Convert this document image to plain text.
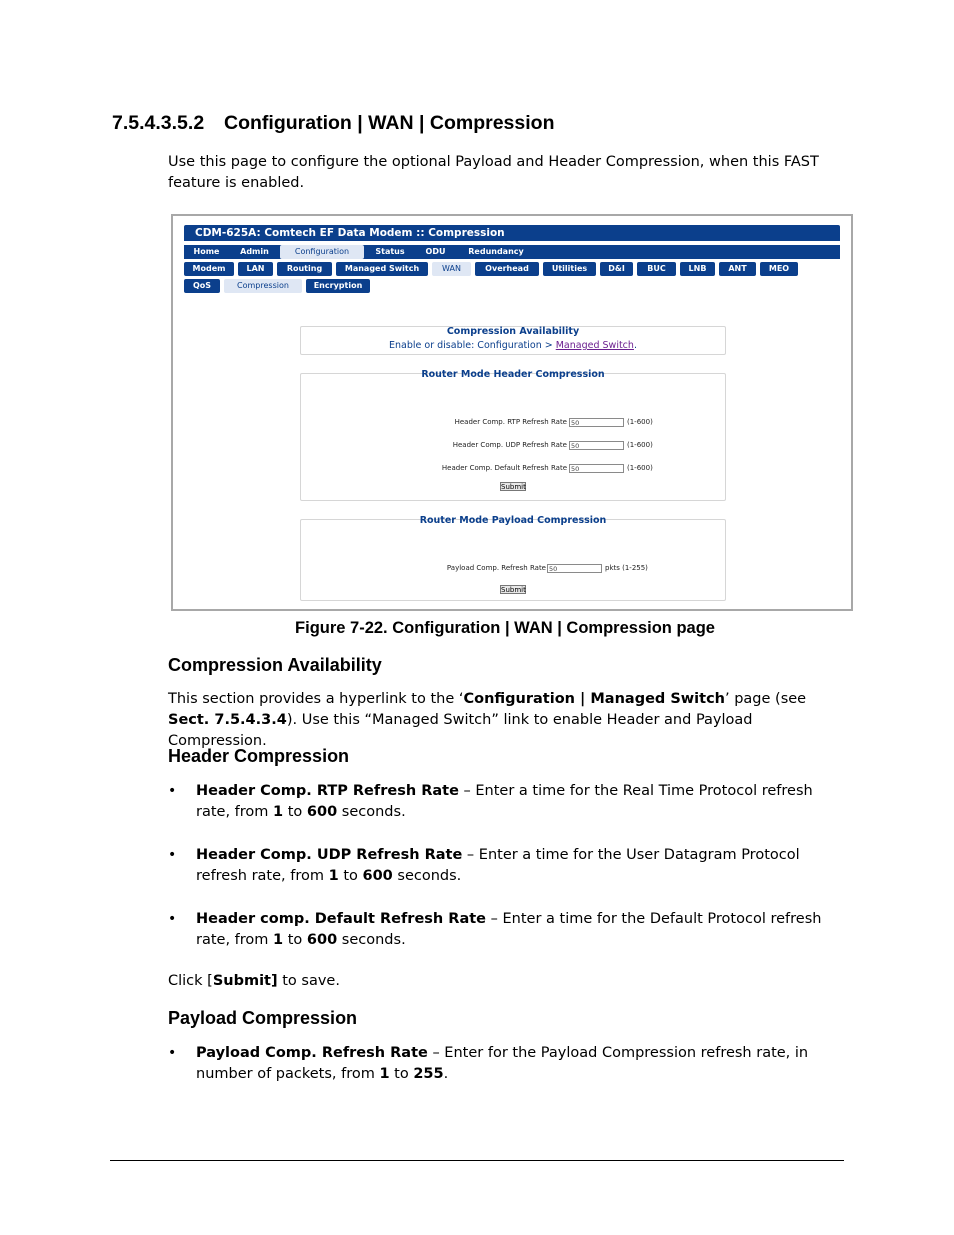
7.5.4.3.5.2 Configuration | WAN | Compression
Use this page to configure the optional Payload and Header Compression, when this FAST feature is enabled.
CDM-625A: Comtech EF Data Modem :: Compression
Home	Admin	Configuration	Status	ODU	Redundancy
Modem	LAN	Routing	Managed Switch	WAN	Overhead	Utilities	D&I	BUC	LNB	ANT	MEO
QoS	Compression	Encryption
Compression Availability
Enable or disable: Configuration > Managed Switch.
Router Mode Header Compression
Header Comp. RTP Refresh Rate 50	(1-600)
Header Comp. UDP Refresh Rate 50	(1-600)
Header Comp. Default Refresh Rate 50	(1-600)
Submit
Router Mode Payload Compression
Payload Comp. Refresh Rate 50	pkts (1-255)
Submit
Figure 7-22. Configuration | WAN | Compression page
Compression Availability
This section provides a hyperlink to the ‘Configuration | Managed Switch’ page (see Sect. 7.5.4.3.4). Use this “Managed Switch” link to enable Header and Payload Compression.
Header Compression
• Header Comp. RTP Refresh Rate – Enter a time for the Real Time Protocol refresh rate, from 1 to 600 seconds.
• Header Comp. UDP Refresh Rate – Enter a time for the User Datagram Protocol refresh rate, from 1 to 600 seconds.
• Header comp. Default Refresh Rate – Enter a time for the Default Protocol refresh rate, from 1 to 600 seconds.
Click [Submit] to save.
Payload Compression
• Payload Comp. Refresh Rate – Enter for the Payload Compression refresh rate, in number of packets, from 1 to 255.
